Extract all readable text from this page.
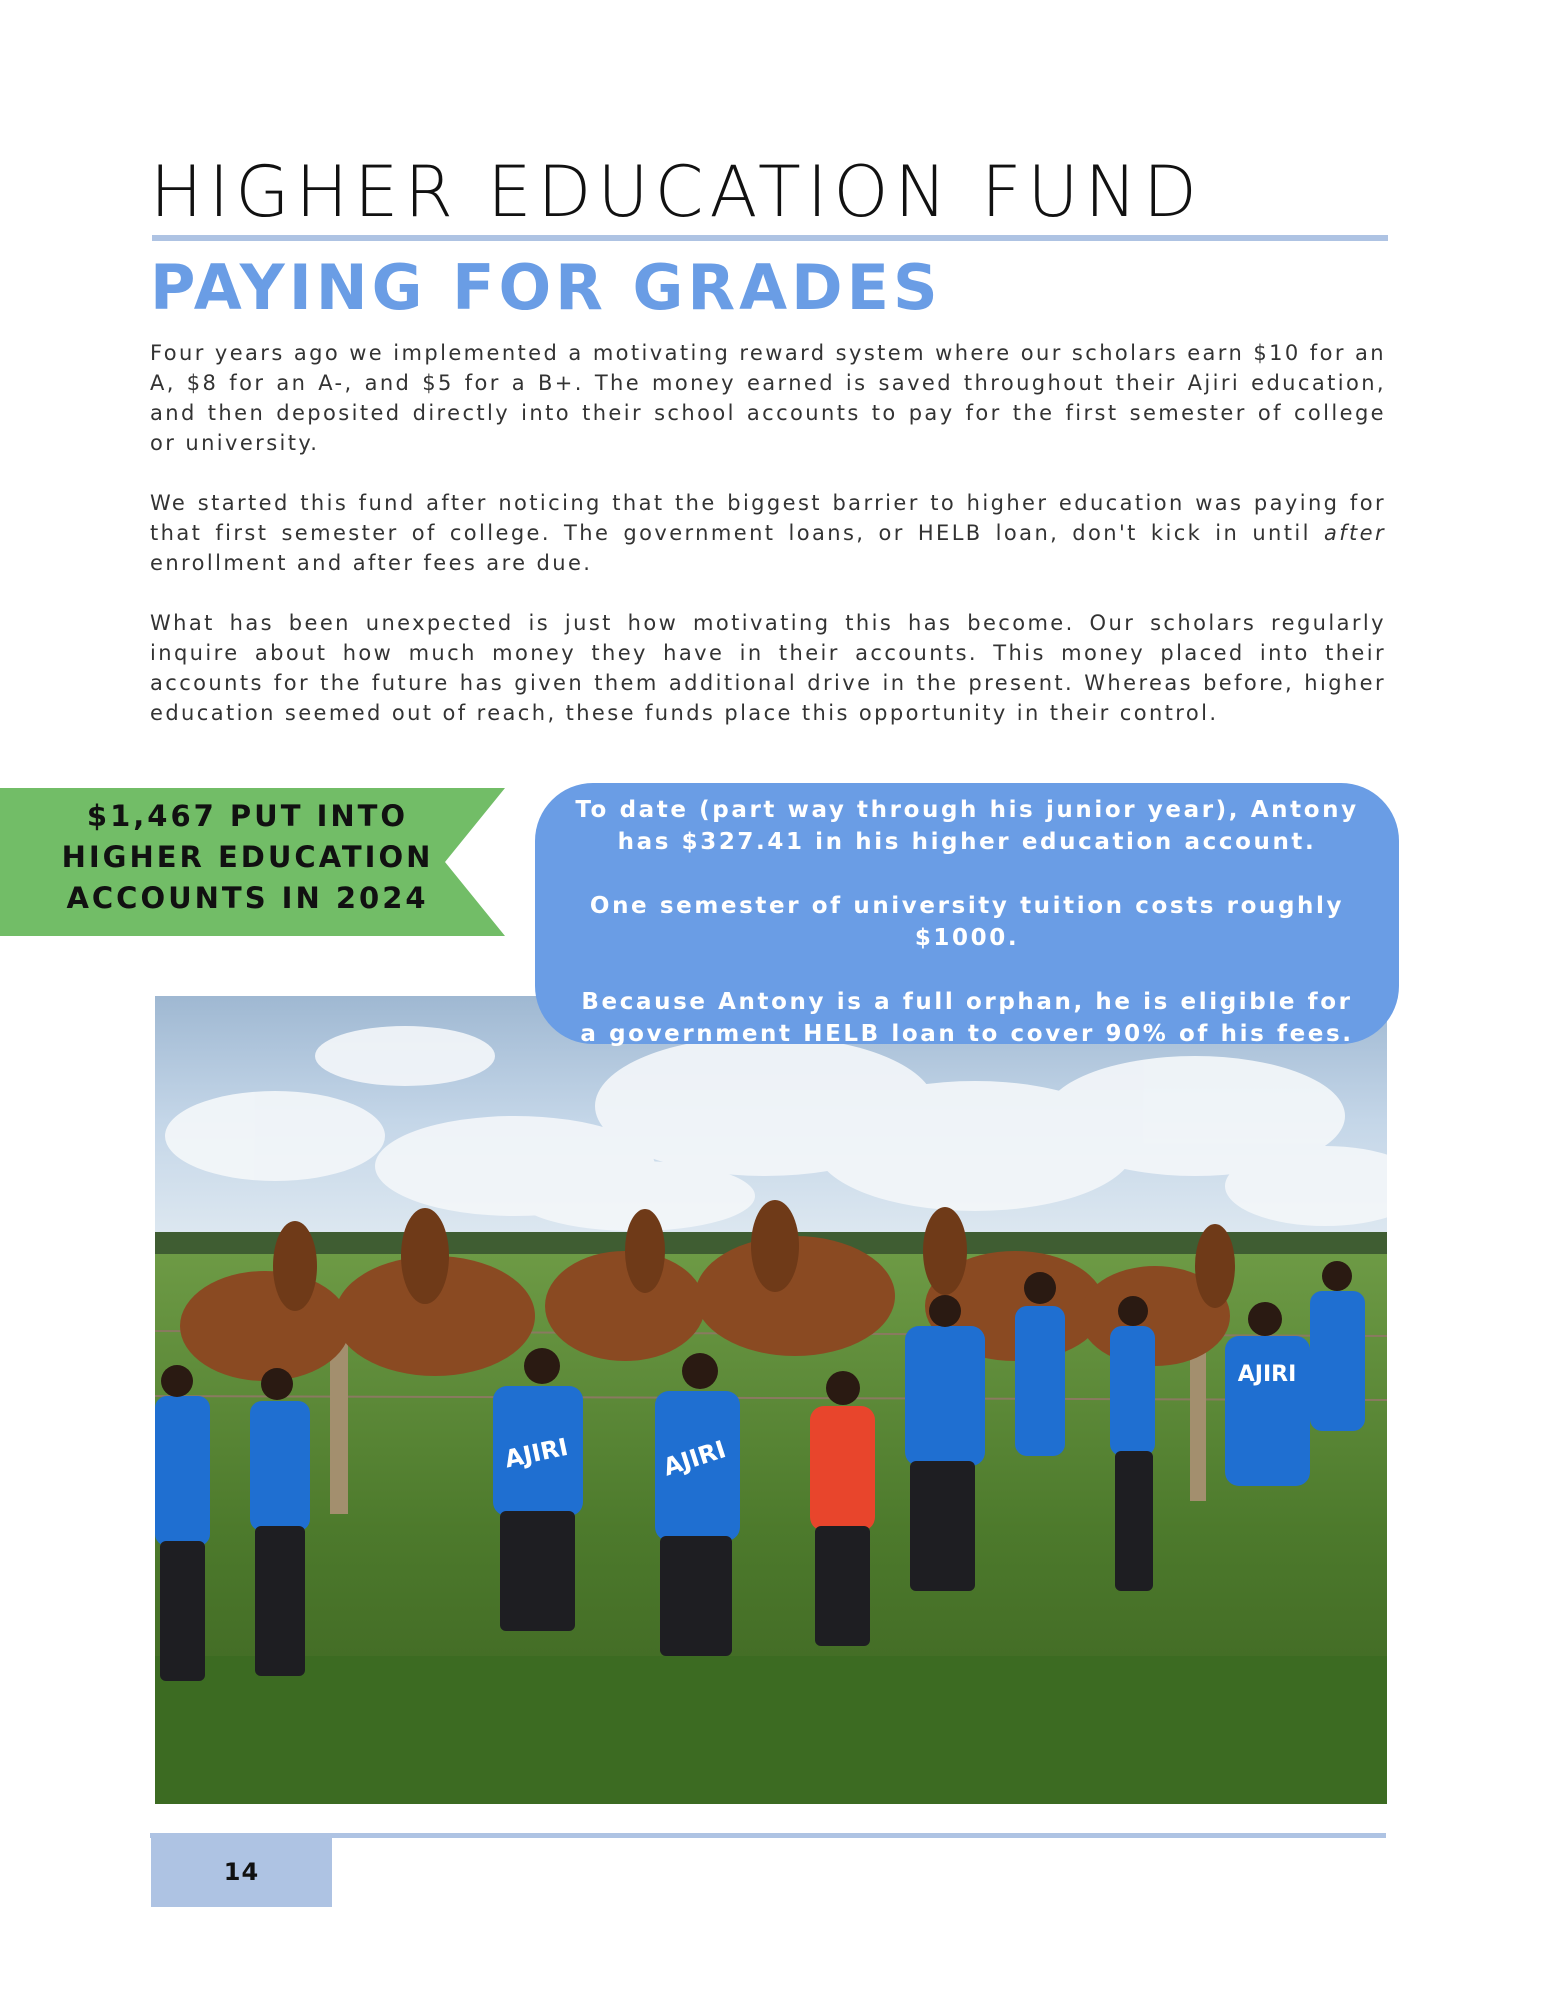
HIGHER EDUCATION FUND
PAYING FOR GRADES

Four years ago we implemented a motivating reward system where our scholars earn $10 for an A, $8 for an A-, and $5 for a B+. The money earned is saved throughout their Ajiri education, and then deposited directly into their school accounts to pay for the first semester of college or university.

We started this fund after noticing that the biggest barrier to higher education was paying for that first semester of college. The government loans, or HELB loan, don't kick in until after enrollment and after fees are due.

What has been unexpected is just how motivating this has become. Our scholars regularly inquire about how much money they have in their accounts. This money placed into their accounts for the future has given them additional drive in the present. Whereas before, higher education seemed out of reach, these funds place this opportunity in their control.

$1,467 PUT INTO
HIGHER EDUCATION
ACCOUNTS IN 2024
AJIRI	AJIRI
AJIRI

To date (part way through his junior year), Antony has $327.41 in his higher education account.

One semester of university tuition costs roughly $1000.

Because Antony is a full orphan, he is eligible for a government HELB loan to cover 90% of his fees.

14
